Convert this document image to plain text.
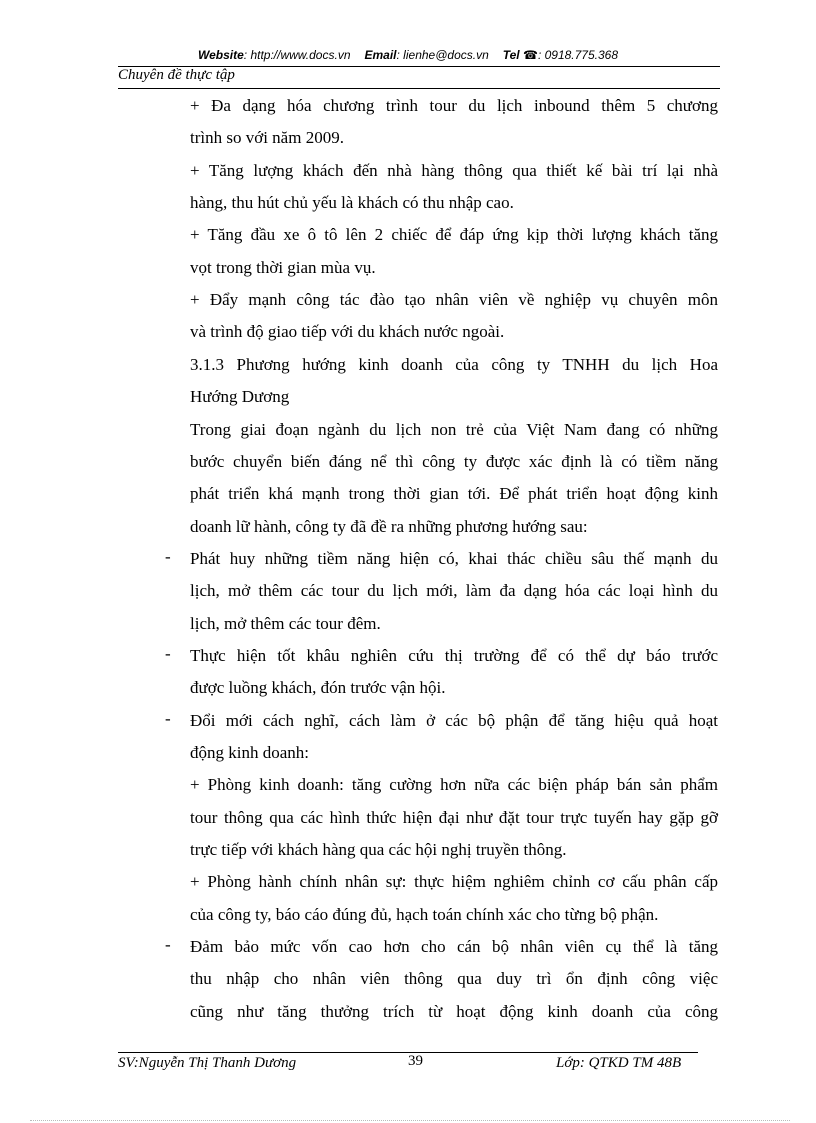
Website: http://www.docs.vn Email: lienhe@docs.vn Tel ☎: 0918.775.368
Chuyên đề thực tập
+ Đa dạng hóa chương trình tour du lịch inbound thêm 5 chương
trình so với năm 2009.
+ Tăng lượng khách đến nhà hàng thông qua thiết kế bài trí lại nhà
hàng, thu hút chủ yếu là khách có thu nhập cao.
+ Tăng đầu xe ô tô lên 2 chiếc để đáp ứng kịp thời lượng khách tăng
vọt trong thời gian mùa vụ.
+ Đẩy mạnh công tác đào tạo nhân viên về nghiệp vụ chuyên môn
và trình độ giao tiếp với du khách nước ngoài.
3.1.3 Phương hướng kinh doanh của công ty TNHH du lịch Hoa
Hướng Dương
Trong giai đoạn ngành du lịch non trẻ của Việt Nam đang có những
bước chuyển biến đáng nể thì công ty được xác định là có tiềm năng
phát triển khá mạnh trong thời gian tới. Để phát triển hoạt động kinh
doanh lữ hành, công ty đã đề ra những phương hướng sau:
- Phát huy những tiềm năng hiện có, khai thác chiều sâu thế mạnh du
lịch, mở thêm các tour du lịch mới, làm đa dạng hóa các loại hình du
lịch, mở thêm các tour đêm.
- Thực hiện tốt khâu nghiên cứu thị trường để có thể dự báo trước
được luồng khách, đón trước vận hội.
- Đổi mới cách nghĩ, cách làm ở các bộ phận để tăng hiệu quả hoạt
động kinh doanh:
+ Phòng kinh doanh: tăng cường hơn nữa các biện pháp bán sản phẩm
tour thông qua các hình thức hiện đại như đặt tour trực tuyến hay gặp gỡ
trực tiếp với khách hàng qua các hội nghị truyền thông.
+ Phòng hành chính nhân sự: thực hiệm nghiêm chỉnh cơ cấu phân cấp
của công ty, báo cáo đúng đủ, hạch toán chính xác cho từng bộ phận.
- Đảm bảo mức vốn cao hơn cho cán bộ nhân viên cụ thể là tăng
thu nhập cho nhân viên thông qua duy trì ổn định công việc
cũng như tăng thưởng trích từ hoạt động kinh doanh của công
SV:Nguyễn Thị Thanh Dương	39	Lớp: QTKD TM 48B
